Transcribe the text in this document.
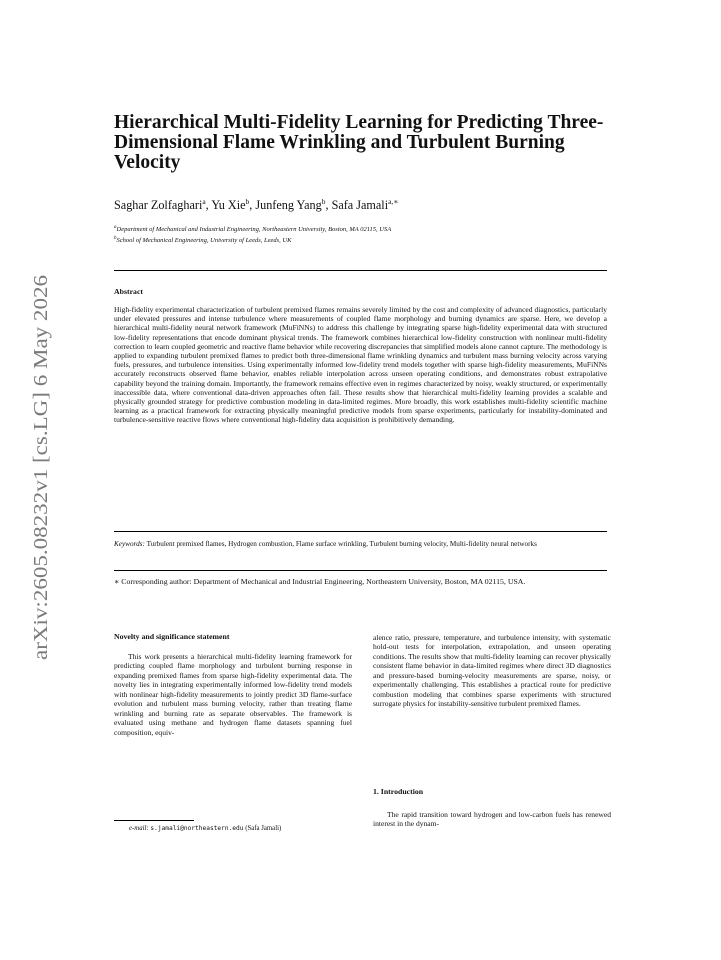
arXiv:2605.08232v1 [cs.LG] 6 May 2026
Hierarchical Multi-Fidelity Learning for Predicting Three-Dimensional Flame Wrinkling and Turbulent Burning Velocity
Saghar Zolfaghari$^a$, Yu Xie$^b$, Junfeng Yang$^b$, Safa Jamali$^{a,∗}$
$^a$Department of Mechanical and Industrial Engineering, Northeastern University, Boston, MA 02115, USA
$^b$School of Mechanical Engineering, University of Leeds, Leeds, UK
Abstract

High-fidelity experimental characterization of turbulent premixed flames remains severely limited by the cost and complexity of advanced diagnostics, particularly under elevated pressures and intense turbulence where measurements of coupled flame morphology and burning dynamics are sparse. Here, we develop a hierarchical multi-fidelity neural network framework (MuFiNNs) to address this challenge by integrating sparse high-fidelity experimental data with structured low-fidelity representations that encode dominant physical trends. The framework combines hierarchical low-fidelity construction with nonlinear multi-fidelity correction to learn coupled geometric and reactive flame behavior while recovering discrepancies that simplified models alone cannot capture. The methodology is applied to expanding turbulent premixed flames to predict both three-dimensional flame wrinkling dynamics and turbulent mass burning velocity across varying fuels, pressures, and turbulence intensities. Using experimentally informed low-fidelity trend models together with sparse high-fidelity measurements, MuFiNNs accurately reconstructs observed flame behavior, enables reliable interpolation across unseen operating conditions, and demonstrates robust extrapolative capability beyond the training domain. Importantly, the framework remains effective even in regimes characterized by noisy, weakly structured, or experimentally inaccessible data, where conventional data-driven approaches often fail. These results show that hierarchical multi-fidelity learning provides a scalable and physically grounded strategy for predictive combustion modeling in data-limited regimes. More broadly, this work establishes multi-fidelity scientific machine learning as a practical framework for extracting physically meaningful predictive models from sparse experiments, particularly for instability-dominated and turbulence-sensitive reactive flows where conventional high-fidelity data acquisition is prohibitively demanding.

Keywords: Turbulent premixed flames, Hydrogen combustion, Flame surface wrinkling, Turbulent burning velocity, Multi-fidelity neural networks

∗ Corresponding author: Department of Mechanical and Industrial Engineering, Northeastern University, Boston, MA 02115, USA.

Novelty and significance statement

This work presents a hierarchical multi-fidelity learning framework for predicting coupled flame morphology and turbulent burning response in expanding premixed flames from sparse high-fidelity experimental data. The novelty lies in integrating experimentally informed low-fidelity trend models with nonlinear high-fidelity measurements to jointly predict 3D flame-surface evolution and turbulent mass burning velocity, rather than treating flame wrinkling and burning rate as separate observables. The framework is evaluated using methane and hydrogen flame datasets spanning fuel composition, equiv-

alence ratio, pressure, temperature, and turbulence intensity, with systematic hold-out tests for interpolation, extrapolation, and unseen operating conditions. The results show that multi-fidelity learning can recover physically consistent flame behavior in data-limited regimes where direct 3D diagnostics and pressure-based burning-velocity measurements are sparse, noisy, or experimentally challenging. This establishes a practical route for predictive combustion modeling that combines sparse experiments with structured surrogate physics for instability-sensitive turbulent premixed flames.

1. Introduction

The rapid transition toward hydrogen and low-carbon fuels has renewed interest in the dynam-

e-mail: s.jamali@northeastern.edu (Safa Jamali)
